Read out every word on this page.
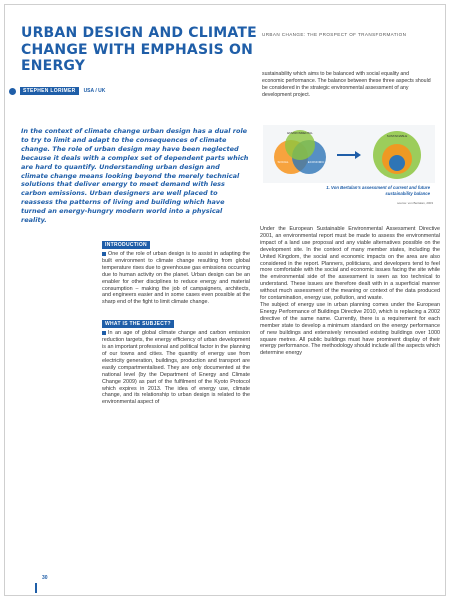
URBAN DESIGN AND CLIMATE CHANGE WITH EMPHASIS ON ENERGY
URBAN CHANGE: THE PROSPECT OF TRANSFORMATION
STEPHEN LORIMER	USA / UK

In the context of climate change urban design has a dual role to try to limit and adapt to the consequences of climate change. The role of urban design may have been neglected because it deals with a complex set of dependent parts which are hard to quantify. Understanding urban design and climate change means looking beyond the merely technical solutions that deliver energy to meet demand with less carbon emissions. Urban designers are well placed to reassess the patterns of living and building which have turned an energy-hungry modern world into a physical reality.

sustainability which aims to be balanced with social equality and economic performance. The balance between these three aspects should be considered in the strategic environmental assessment of any development project.

ENVIRONMENTAL
SOCIAL	ECONOMIC
SUSTAINABLE
1. Von Bertalan's assessment of current and future sustainability balance
source: von Bertalan, 2003
INTRODUCTION

One of the role of urban design is to assist in adapting the built environment to climate change resulting from global temperature rises due to greenhouse gas emissions occurring due to human activity on the planet. Urban design can be an enabler for other disciplines to reduce energy and material consumption – making the job of campaigners, architects, and engineers easier and in some cases even possible at the sharp end of the fight to limit climate change.

WHAT IS THE SUBJECT?

In an age of global climate change and carbon emission reduction targets, the energy efficiency of urban development is an important professional and political factor in the planning of our towns and cities. The quantity of energy use from electricity generation, buildings, production and transport are easily compartmentalised. They are only documented at the national level (by the Department of Energy and Climate Change 2009) as part of the fulfilment of the Kyoto Protocol which expires in 2013. The idea of energy use, climate change, and its relationship to urban design is related to the environmental aspect of

Under the European Sustainable Environmental Assessment Directive 2001, an environmental report must be made to assess the environmental impact of a land use proposal and any viable alternatives possible on the development site. In the context of many member states, including the United Kingdom, the social and economic impacts on the area are also considered in the report. Planners, politicians, and developers tend to feel more comfortable with the social and economic issues facing the site while the environmental side of the assessment is seen as too technical to understand. These issues are therefore dealt with in a superficial manner without much assessment of the meaning or context of the data produced for contamination, energy use, pollution, and waste.

The subject of energy use in urban planning comes under the European Energy Performance of Buildings Directive 2010, which is replacing a 2002 directive of the same name. Currently, there is a requirement for each member state to develop a minimum standard on the energy performance of new buildings and extensively renovated existing buildings over 1000 square metres. All public buildings must have prominent display of their energy performance. The methodology should include all the aspects which determine energy

30
